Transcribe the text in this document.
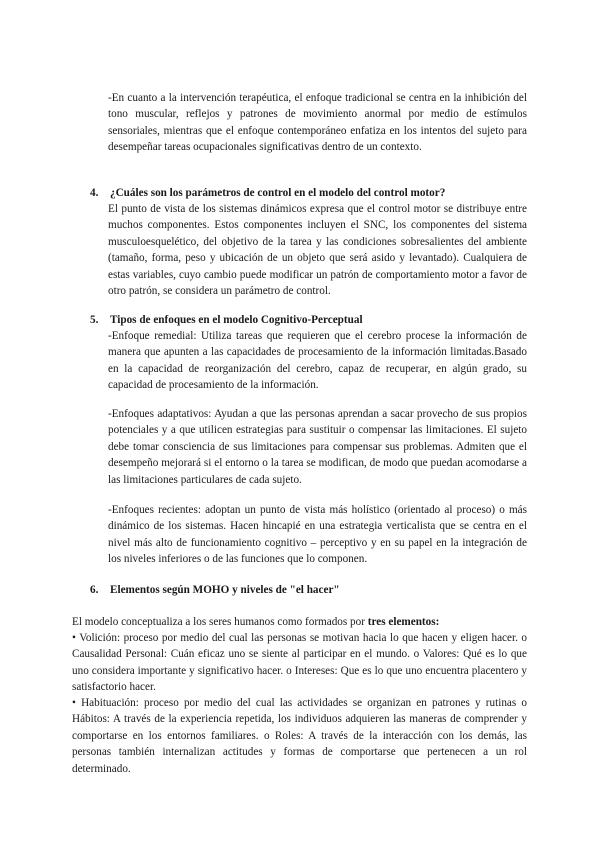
-En cuanto a la intervención terapéutica, el enfoque tradicional se centra en la inhibición del tono muscular, reflejos y patrones de movimiento anormal por medio de estímulos sensoriales, mientras que el enfoque contemporáneo enfatiza en los intentos del sujeto para desempeñar tareas ocupacionales significativas dentro de un contexto.

4. ¿Cuáles son los parámetros de control en el modelo del control motor?

El punto de vista de los sistemas dinámicos expresa que el control motor se distribuye entre muchos componentes. Estos componentes incluyen el SNC, los componentes del sistema musculoesquelético, del objetivo de la tarea y las condiciones sobresalientes del ambiente (tamaño, forma, peso y ubicación de un objeto que será asido y levantado). Cualquiera de estas variables, cuyo cambio puede modificar un patrón de comportamiento motor a favor de otro patrón, se considera un parámetro de control.

5. Tipos de enfoques en el modelo Cognitivo-Perceptual

-Enfoque remedial: Utiliza tareas que requieren que el cerebro procese la información de manera que apunten a las capacidades de procesamiento de la información limitadas.Basado en la capacidad de reorganización del cerebro, capaz de recuperar, en algún grado, su capacidad de procesamiento de la información.

-Enfoques adaptativos: Ayudan a que las personas aprendan a sacar provecho de sus propios potenciales y a que utilicen estrategias para sustituir o compensar las limitaciones. El sujeto debe tomar consciencia de sus limitaciones para compensar sus problemas. Admiten que el desempeño mejorará si el entorno o la tarea se modifican, de modo que puedan acomodarse a las limitaciones particulares de cada sujeto.

-Enfoques recientes: adoptan un punto de vista más holístico (orientado al proceso) o más dinámico de los sistemas. Hacen hincapié en una estrategia verticalista que se centra en el nivel más alto de funcionamiento cognitivo – perceptivo y en su papel en la integración de los niveles inferiores o de las funciones que lo componen.

6. Elementos según MOHO y niveles de "el hacer"

El modelo conceptualiza a los seres humanos como formados por tres elementos:

• Volición: proceso por medio del cual las personas se motivan hacia lo que hacen y eligen hacer. o Causalidad Personal: Cuán eficaz uno se siente al participar en el mundo. o Valores: Qué es lo que uno considera importante y significativo hacer. o Intereses: Que es lo que uno encuentra placentero y satisfactorio hacer.

• Habituación: proceso por medio del cual las actividades se organizan en patrones y rutinas o Hábitos: A través de la experiencia repetida, los individuos adquieren las maneras de comprender y comportarse en los entornos familiares. o Roles: A través de la interacción con los demás, las personas también internalizan actitudes y formas de comportarse que pertenecen a un rol determinado.
